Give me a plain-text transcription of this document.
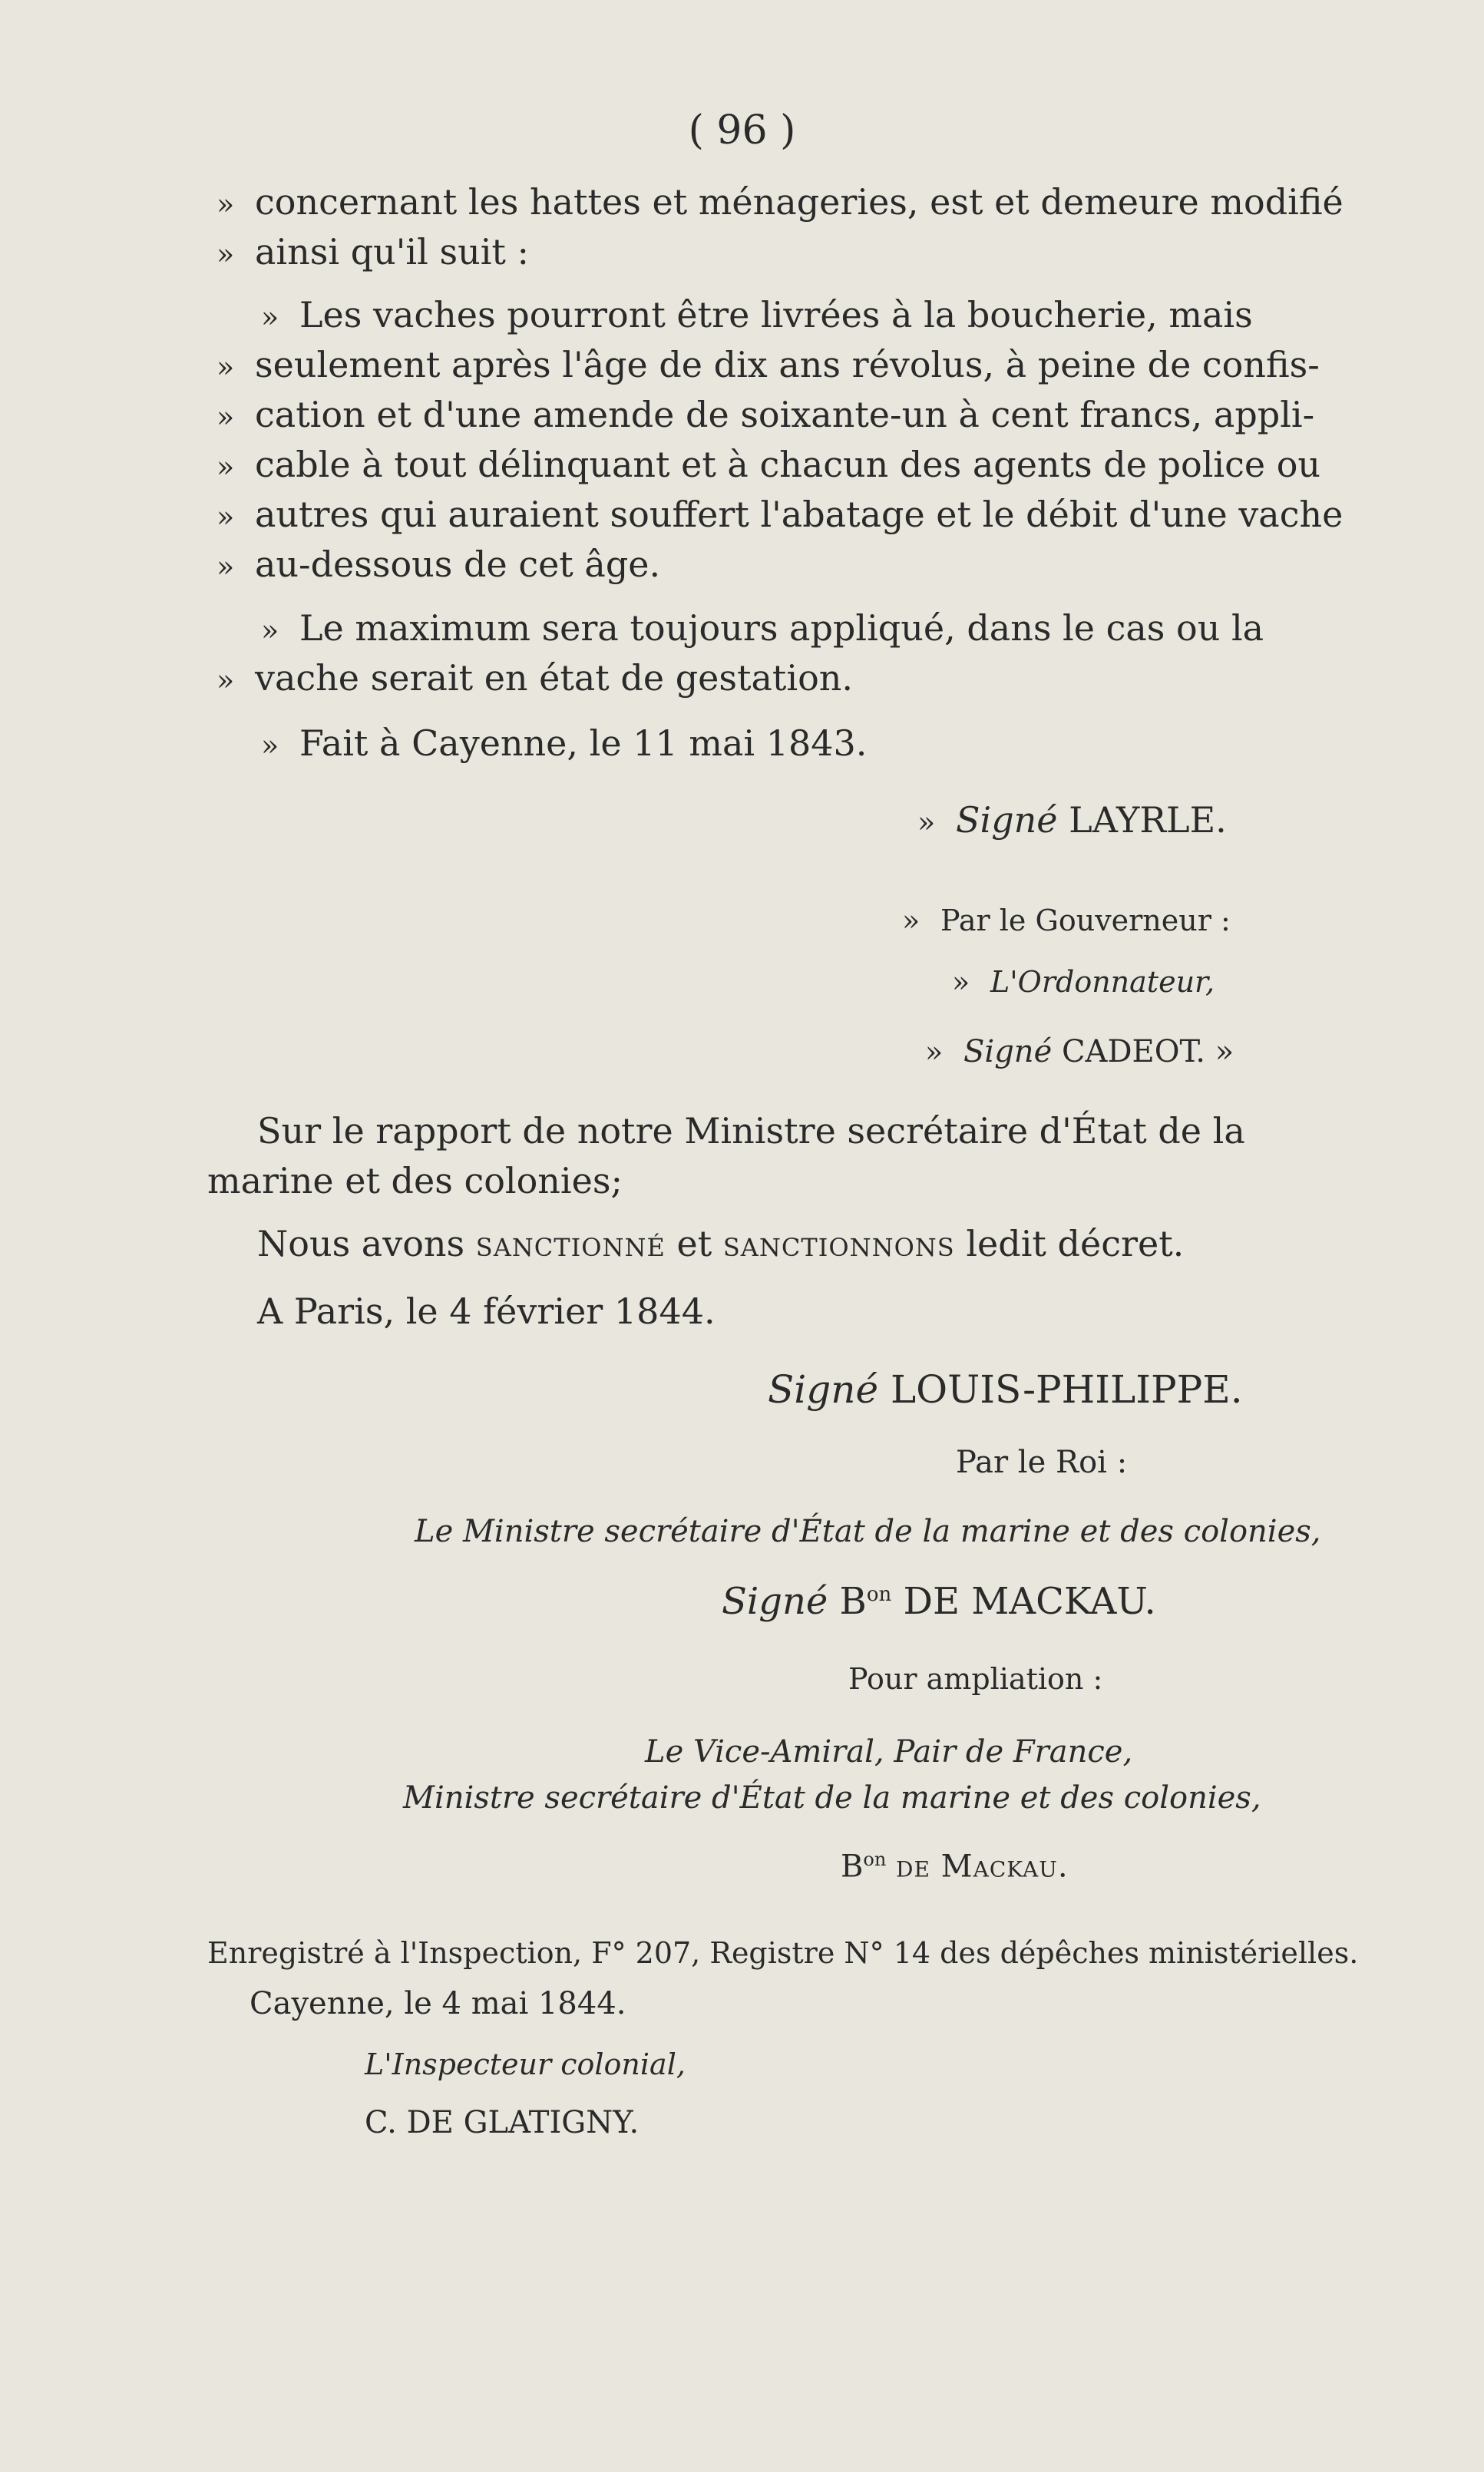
( 96 )
» concernant les hattes et ménageries, est et demeure modifié
» ainsi qu'il suit :
» Les vaches pourront être livrées à la boucherie, mais
» seulement après l'âge de dix ans révolus, à peine de confis-
» cation et d'une amende de soixante-un à cent francs, appli-
» cable à tout délinquant et à chacun des agents de police ou
» autres qui auraient souffert l'abatage et le débit d'une vache
» au-dessous de cet âge.
» Le maximum sera toujours appliqué, dans le cas ou la
» vache serait en état de gestation.
» Fait à Cayenne, le 11 mai 1843.
» Signé LAYRLE.
» Par le Gouverneur :
» L'Ordonnateur,
» Signé CADEOT. »
Sur le rapport de notre Ministre secrétaire d'État de la
marine et des colonies;
Nous avons sanctionné et sanctionnons ledit décret.
A Paris, le 4 février 1844.
Signé LOUIS-PHILIPPE.
Par le Roi :
Le Ministre secrétaire d'État de la marine et des colonies,
Signé $B^{on}$ DE MACKAU.
Pour ampliation :
Le Vice-Amiral, Pair de France,
Ministre secrétaire d'État de la marine et des colonies,
$B^{on}$ de Mackau.
Enregistré à l'Inspection, F° 207, Registre N° 14 des dépêches ministérielles.
Cayenne, le 4 mai 1844.
L'Inspecteur colonial,
C. DE GLATIGNY.
